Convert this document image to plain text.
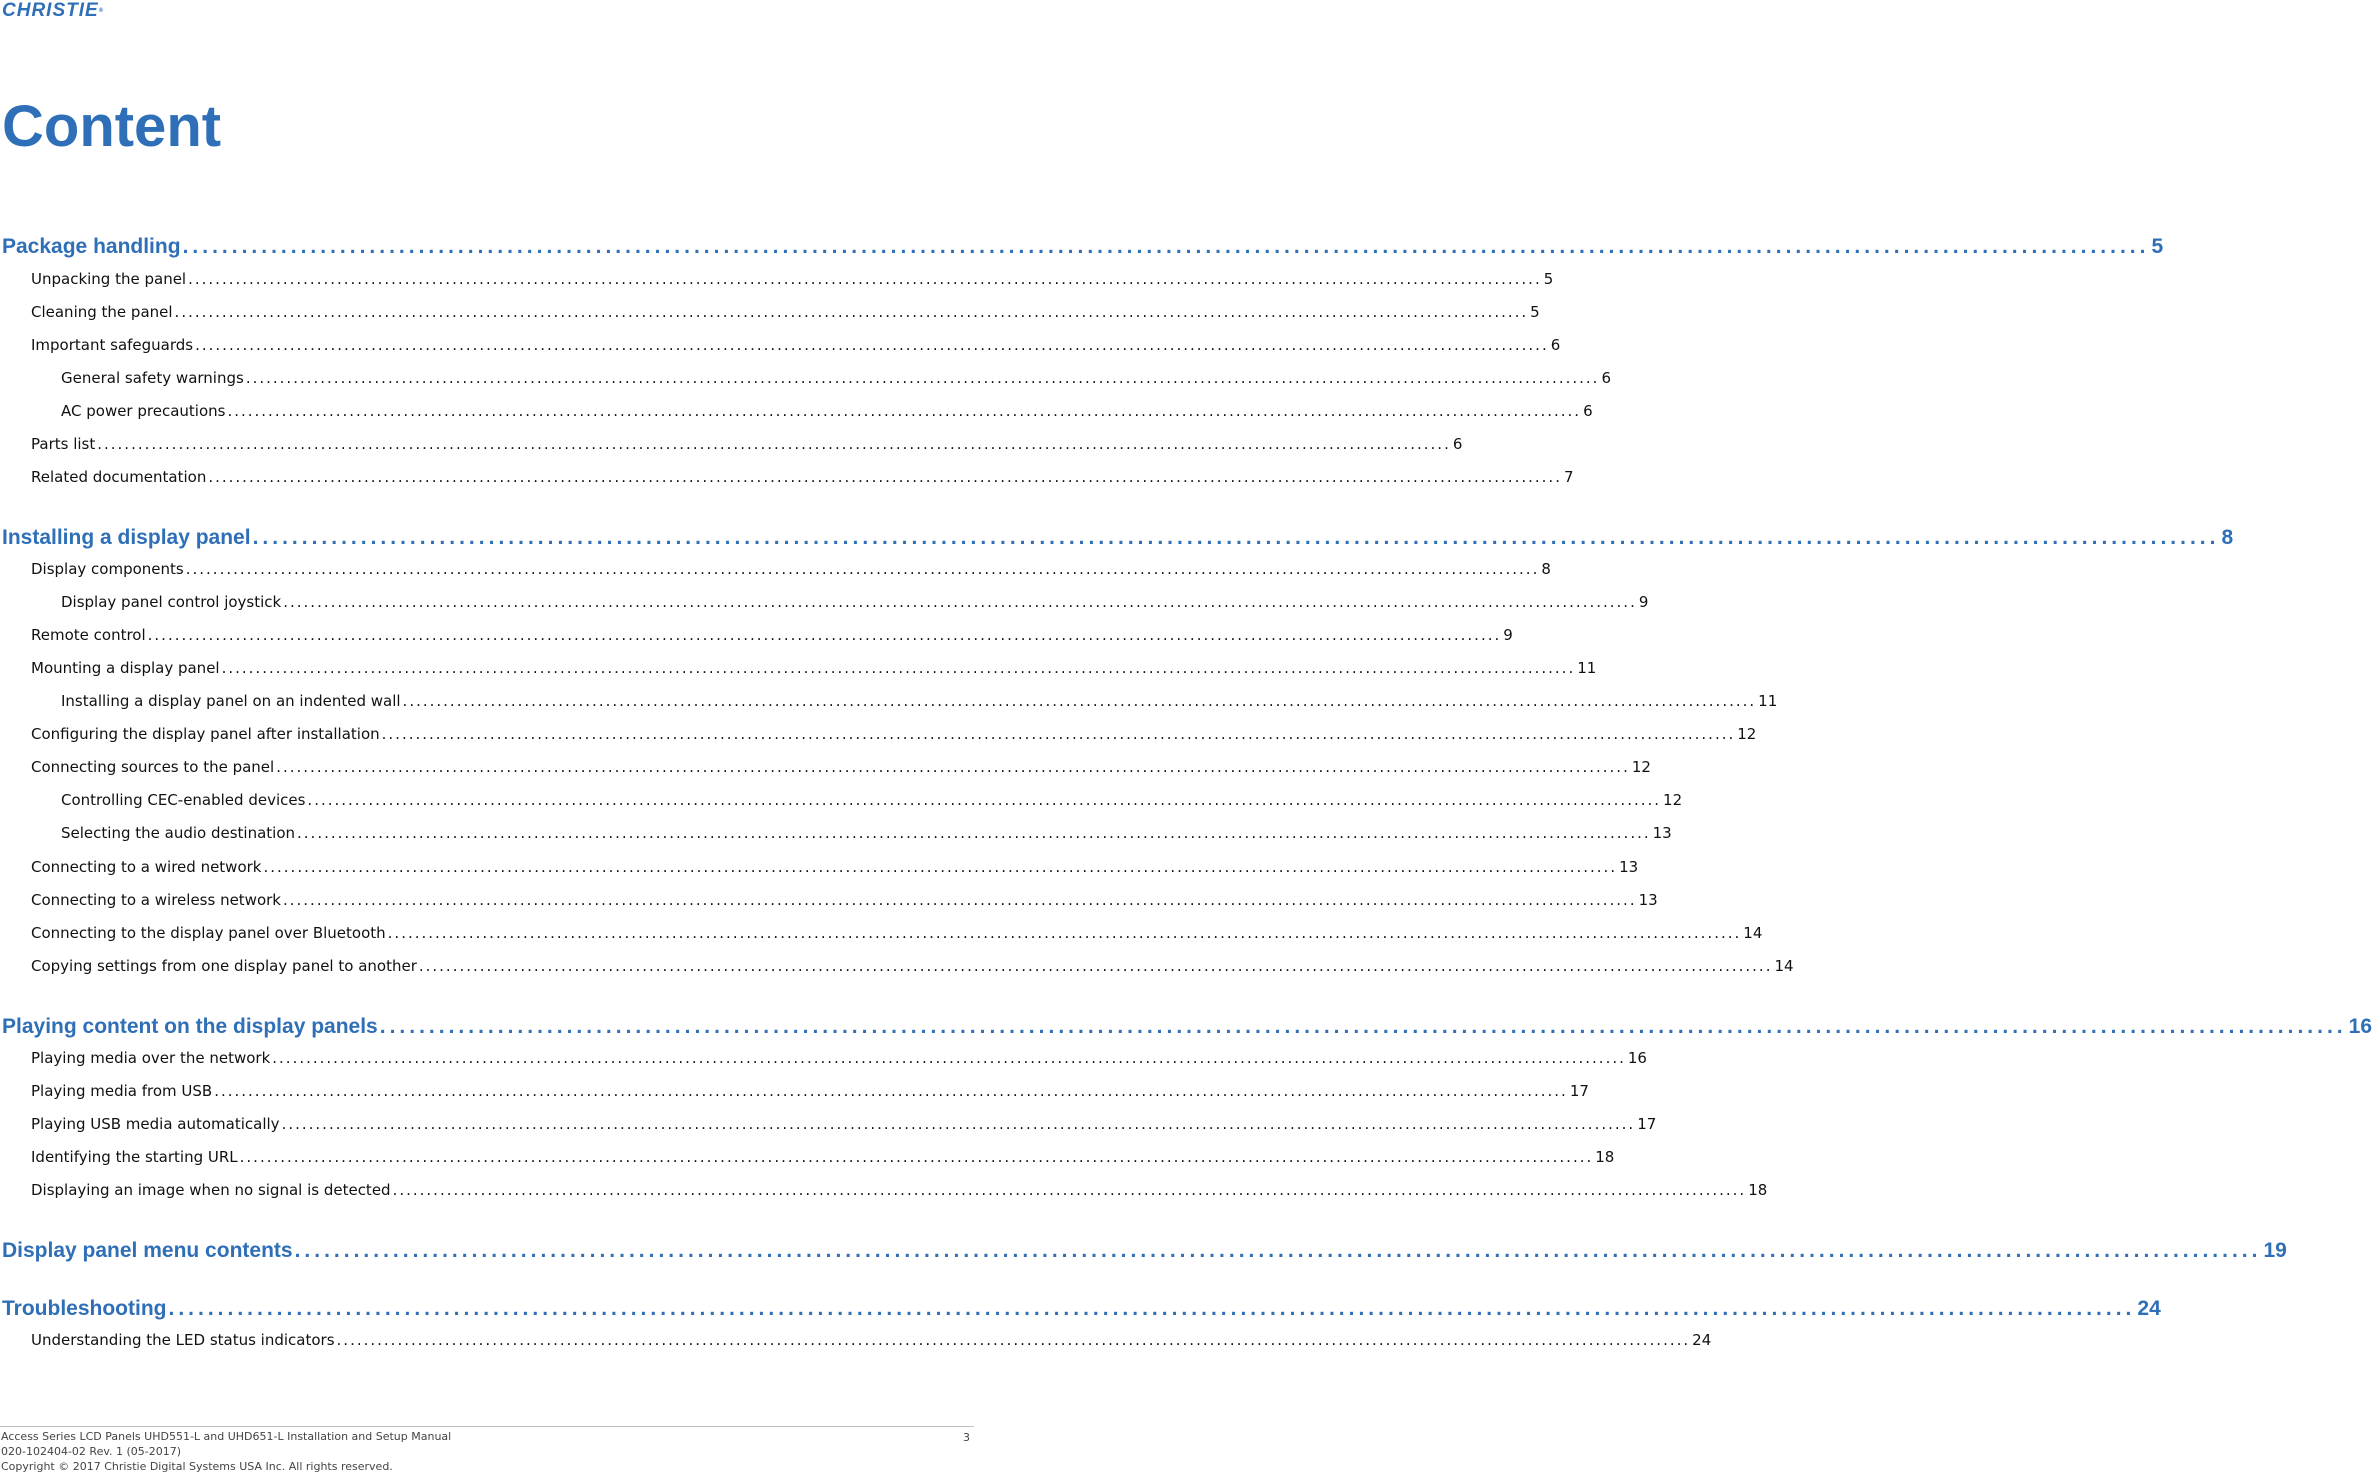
CHRISTIE®
Content
Package handling ........................................................................................................................................................................................................ 5
Unpacking the panel ........................................................................................................................................................................................................ 5
Cleaning the panel ........................................................................................................................................................................................................ 5
Important safeguards ........................................................................................................................................................................................................ 6
General safety warnings ........................................................................................................................................................................................................ 6
AC power precautions ........................................................................................................................................................................................................ 6
Parts list ........................................................................................................................................................................................................ 6
Related documentation ........................................................................................................................................................................................................ 7
Installing a display panel ........................................................................................................................................................................................................ 8
Display components ........................................................................................................................................................................................................ 8
Display panel control joystick ........................................................................................................................................................................................................ 9
Remote control ........................................................................................................................................................................................................ 9
Mounting a display panel ........................................................................................................................................................................................................ 11
Installing a display panel on an indented wall ........................................................................................................................................................................................................ 11
Configuring the display panel after installation ........................................................................................................................................................................................................ 12
Connecting sources to the panel ........................................................................................................................................................................................................ 12
Controlling CEC-enabled devices ........................................................................................................................................................................................................ 12
Selecting the audio destination ........................................................................................................................................................................................................ 13
Connecting to a wired network ........................................................................................................................................................................................................ 13
Connecting to a wireless network ........................................................................................................................................................................................................ 13
Connecting to the display panel over Bluetooth ........................................................................................................................................................................................................ 14
Copying settings from one display panel to another ........................................................................................................................................................................................................ 14
Playing content on the display panels ........................................................................................................................................................................................................ 16
Playing media over the network ........................................................................................................................................................................................................ 16
Playing media from USB ........................................................................................................................................................................................................ 17
Playing USB media automatically ........................................................................................................................................................................................................ 17
Identifying the starting URL ........................................................................................................................................................................................................ 18
Displaying an image when no signal is detected ........................................................................................................................................................................................................ 18
Display panel menu contents ........................................................................................................................................................................................................ 19
Troubleshooting ........................................................................................................................................................................................................ 24
Understanding the LED status indicators ........................................................................................................................................................................................................ 24
Access Series LCD Panels UHD551-L and UHD651-L Installation and Setup Manual
020-102404-02 Rev. 1 (05-2017)
Copyright © 2017 Christie Digital Systems USA Inc. All rights reserved.
3
